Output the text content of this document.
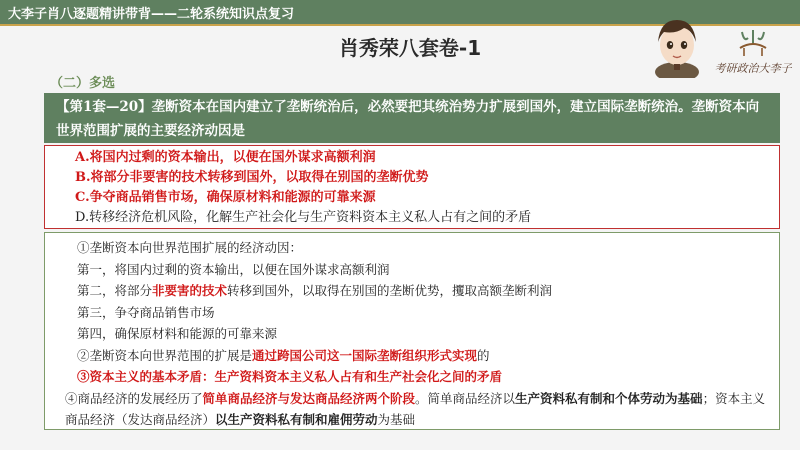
大李子肖八逐题精讲带背——二轮系统知识点复习
肖秀荣八套卷-1
考研政治大李子
（二）多选
【第1套—20】垄断资本在国内建立了垄断统治后，必然要把其统治势力扩展到国外，建立国际垄断统治。垄断资本向世界范围扩展的主要经济动因是
A.将国内过剩的资本输出，以便在国外谋求高额利润
B.将部分非要害的技术转移到国外，以取得在别国的垄断优势
C.争夺商品销售市场，确保原材料和能源的可靠来源
D.转移经济危机风险，化解生产社会化与生产资料资本主义私人占有之间的矛盾
①垄断资本向世界范围扩展的经济动因：
第一，将国内过剩的资本输出，以便在国外谋求高额利润
第二，将部分非要害的技术转移到国外，以取得在别国的垄断优势，攫取高额垄断利润
第三，争夺商品销售市场
第四，确保原材料和能源的可靠来源
②垄断资本向世界范围的扩展是通过跨国公司这一国际垄断组织形式实现的
③资本主义的基本矛盾：生产资料资本主义私人占有和生产社会化之间的矛盾
④商品经济的发展经历了简单商品经济与发达商品经济两个阶段。简单商品经济以生产资料私有制和个体劳动为基础；资本主义商品经济（发达商品经济）以生产资料私有制和雇佣劳动为基础
